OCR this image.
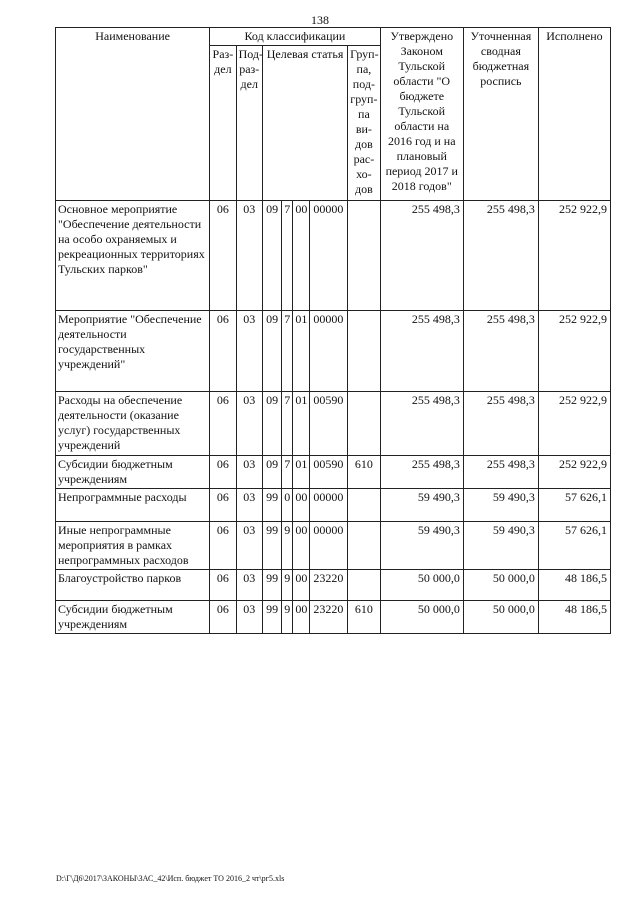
138
Наименование	Код классификации							Утверждено Законом Тульской области "О бюджете Тульской области на 2016 год и на плановый период 2017 и 2018 годов"	Уточненная сводная бюджетная роспись	Исполнено
	Раз-дел	Под-раз-дел	Целевая статья				Груп-па, под-груп-па ви-дов рас-хо-дов			
Основное мероприятие "Обеспечение деятельности на особо охраняемых и рекреационных территориях Тульских парков"	06	03	09	7	00	00000		255 498,3	255 498,3	252 922,9
Мероприятие "Обеспечение деятельности государственных учреждений"	06	03	09	7	01	00000		255 498,3	255 498,3	252 922,9
Расходы на обеспечение деятельности (оказание услуг) государственных учреждений	06	03	09	7	01	00590		255 498,3	255 498,3	252 922,9
Субсидии бюджетным учреждениям	06	03	09	7	01	00590	610	255 498,3	255 498,3	252 922,9
Непрограммные расходы	06	03	99	0	00	00000		59 490,3	59 490,3	57 626,1
Иные непрограммные мероприятия в рамках непрограммных расходов	06	03	99	9	00	00000		59 490,3	59 490,3	57 626,1
Благоустройство парков	06	03	99	9	00	23220		50 000,0	50 000,0	48 186,5
Субсидии бюджетным учреждениям	06	03	99	9	00	23220	610	50 000,0	50 000,0	48 186,5
D:\Г\Д6\2017\ЗАКОНЫ\ЗАС_42\Исп. бюджет ТО 2016_2 чт\рг5.xls
